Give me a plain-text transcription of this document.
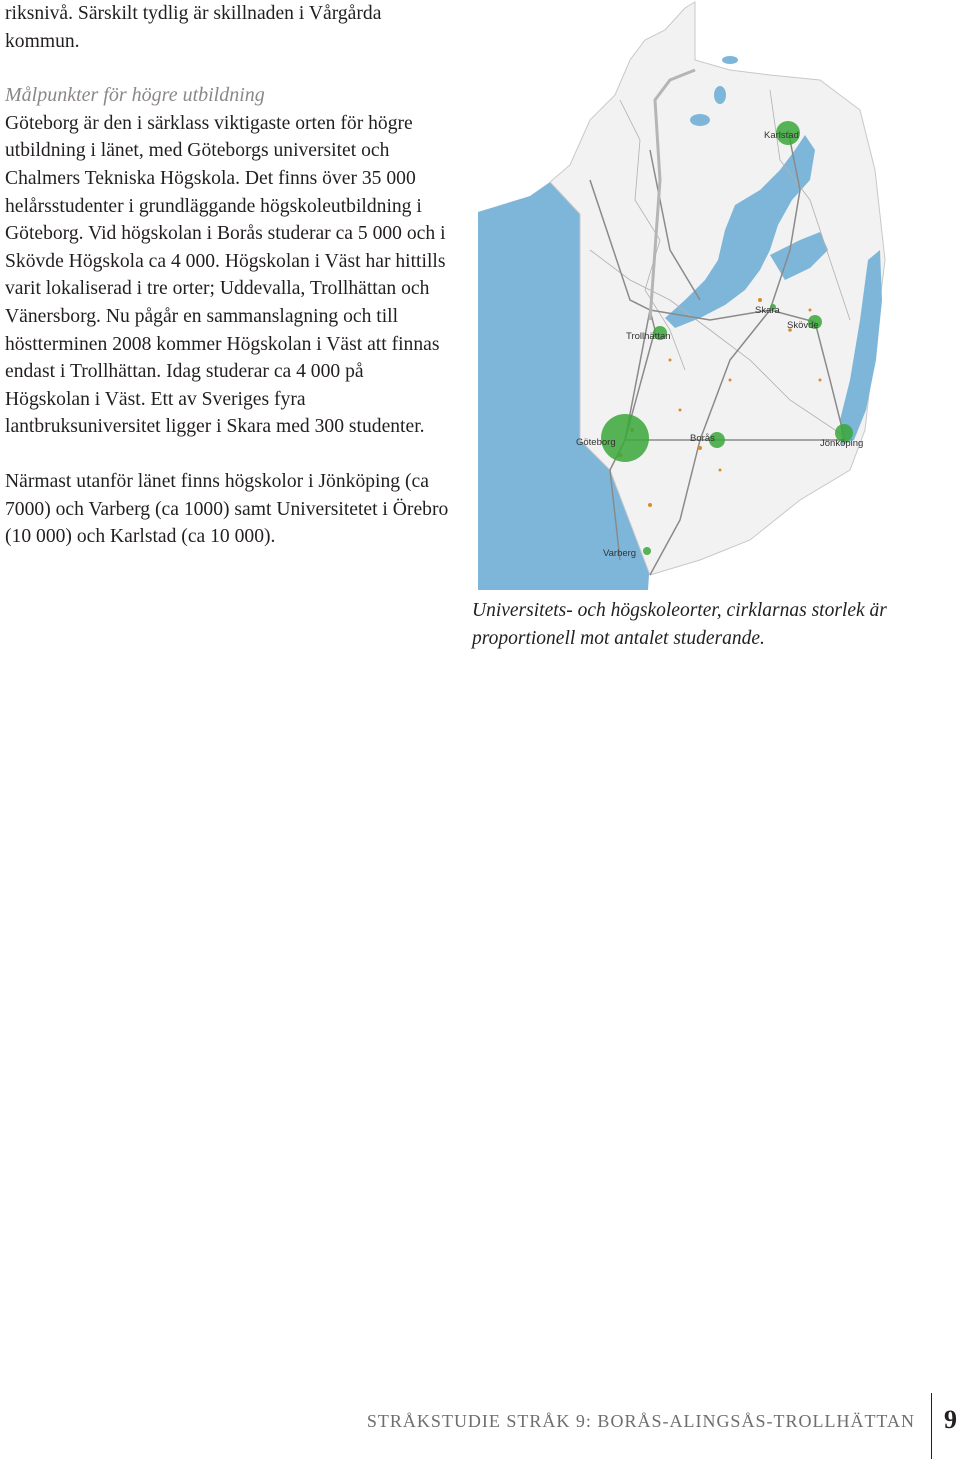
riksnivå. Särskilt tydlig är skillnaden i Vårgårda kommun.

Målpunkter för högre utbildning

Göteborg är den i särklass viktigaste orten för högre utbildning i länet, med Göteborgs universitet och Chalmers Tekniska Högskola. Det finns över 35 000 helårsstudenter i grundläggande högskoleutbildning i Göteborg. Vid högskolan i Borås studerar ca 5 000 och i Skövde Högskola ca 4 000. Högskolan i Väst har hittills varit lokaliserad i tre orter; Uddevalla, Trollhättan och Vänersborg. Nu pågår en sammanslagning och till höstterminen 2008 kommer Högskolan i Väst att finnas endast i Trollhättan. Idag studerar ca 4 000 på Högskolan i Väst. Ett av Sveriges fyra lantbruksuniversitet ligger i Skara med 300 studenter.

Närmast utanför länet finns högskolor i Jönköping (ca 7000) och Varberg (ca 1000) samt Universitetet i Örebro (10 000) och Karlstad (ca 10 000).

Karlstad
Trollhättan
Skara
Skövde
Göteborg	Borås	Jönköping
Varberg

Universitets- och högskoleorter, cirklarnas storlek är proportionell mot antalet studerande.

STRÅKSTUDIE STRÅK 9: BORÅS-ALINGSÅS-TROLLHÄTTAN 9
